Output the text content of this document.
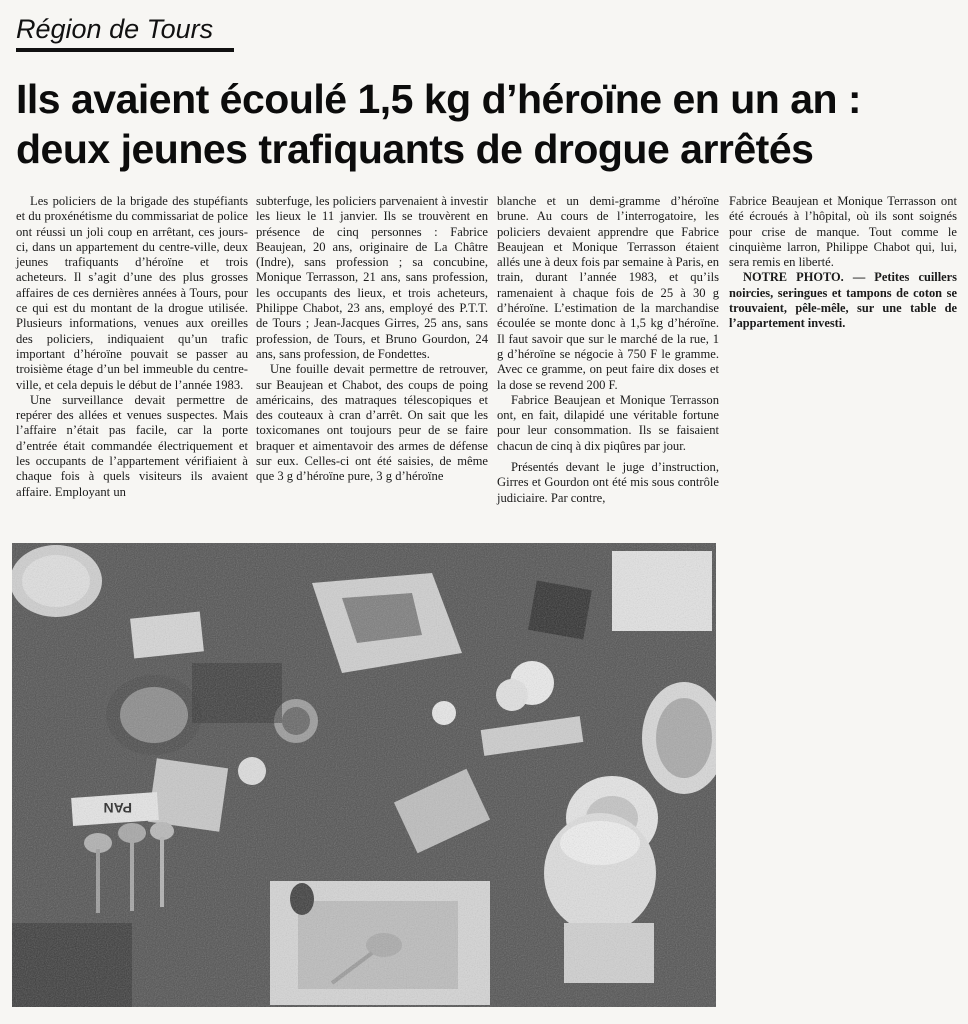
Région de Tours
Ils avaient écoulé 1,5 kg d’héroïne en un an :
deux jeunes trafiquants de drogue arrêtés

Les policiers de la brigade des stupéfiants et du proxénétisme du commissariat de police ont réussi un joli coup en arrêtant, ces jours-ci, dans un appartement du centre-ville, deux jeunes trafiquants d’héroïne et trois acheteurs. Il s’agit d’une des plus grosses affaires de ces dernières années à Tours, pour ce qui est du montant de la drogue utilisée. Plusieurs informations, venues aux oreilles des policiers, indiquaient qu’un trafic important d’héroïne pouvait se passer au troisième étage d’un bel immeuble du centre-ville, et cela depuis le début de l’année 1983.

Une surveillance devait permettre de repérer des allées et venues suspectes. Mais l’affaire n’était pas facile, car la porte d’entrée était commandée électriquement et les occupants de l’appartement vérifiaient à chaque fois à quels visiteurs ils avaient affaire. Employant un

subterfuge, les policiers parvenaient à investir les lieux le 11 janvier. Ils se trouvèrent en présence de cinq personnes : Fabrice Beaujean, 20 ans, originaire de La Châtre (Indre), sans profession ; sa concubine, Monique Terrasson, 21 ans, sans profession, les occupants des lieux, et trois acheteurs, Philippe Chabot, 23 ans, employé des P.T.T. de Tours ; Jean-Jacques Girres, 25 ans, sans profession, de Tours, et Bruno Gourdon, 24 ans, sans profession, de Fondettes.

Une fouille devait permettre de retrouver, sur Beaujean et Chabot, des coups de poing américains, des matraques télescopiques et des couteaux à cran d’arrêt. On sait que les toxicomanes ont toujours peur de se faire braquer et aimentavoir des armes de défense sur eux. Celles-ci ont été saisies, de même que 3 g d’héroïne pure, 3 g d’héroïne

blanche et un demi-gramme d’héroïne brune. Au cours de l’interrogatoire, les policiers devaient apprendre que Fabrice Beaujean et Monique Terrasson étaient allés une à deux fois par semaine à Paris, en train, durant l’année 1983, et qu’ils ramenaient à chaque fois de 25 à 30 g d’héroïne. L’estimation de la marchandise écoulée se monte donc à 1,5 kg d’héroïne. Il faut savoir que sur le marché de la rue, 1 g d’héroïne se négocie à 750 F le gramme. Avec ce gramme, on peut faire dix doses et la dose se revend 200 F.

Fabrice Beaujean et Monique Terrasson ont, en fait, dilapidé une véritable fortune pour leur consommation. Ils se faisaient chacun de cinq à dix piqûres par jour.

Présentés devant le juge d’instruction, Girres et Gourdon ont été mis sous contrôle judiciaire. Par contre,

Fabrice Beaujean et Monique Terrasson ont été écroués à l’hôpital, où ils sont soignés pour crise de manque. Tout comme le cinquième larron, Philippe Chabot qui, lui, sera remis en liberté.

NOTRE PHOTO. — Petites cuillers noircies, seringues et tampons de coton se trouvaient, pêle-mêle, sur une table de l’appartement investi.
